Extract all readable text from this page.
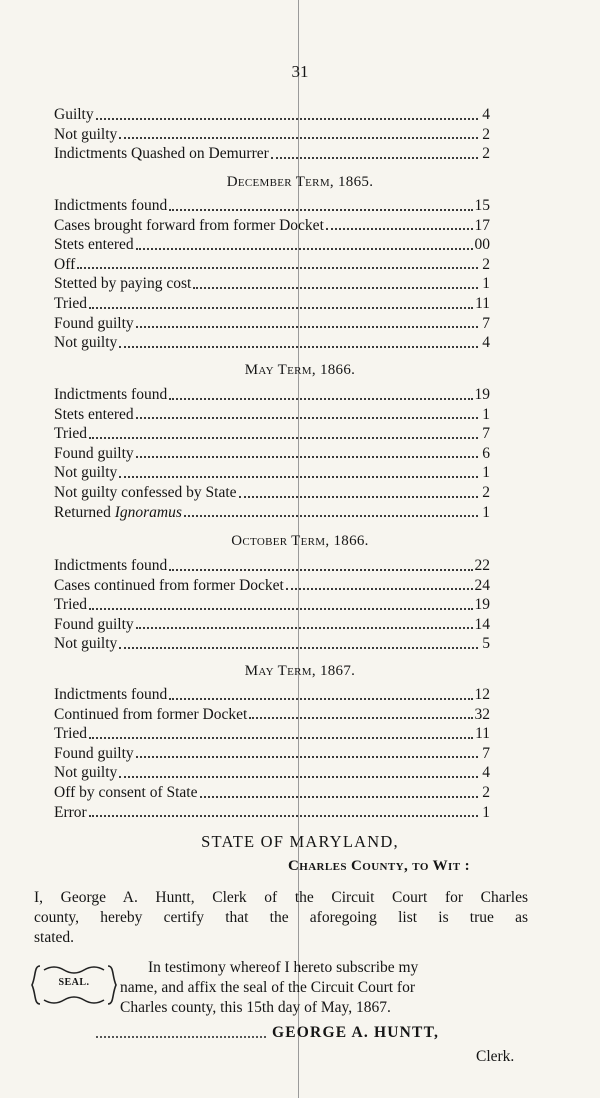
31
Guilty	4
Not guilty	2
Indictments Quashed on Demurrer	2
December Term, 1865.
Indictments found	15
Cases brought forward from former Docket	17
Stets entered	00
Off	2
Stetted by paying cost	1
Tried	11
Found guilty	7
Not guilty	4
May Term, 1866.
Indictments found	19
Stets entered	1
Tried	7
Found guilty	6
Not guilty	1
Not guilty confessed by State	2
Returned Ignoramus	1
October Term, 1866.
Indictments found	22
Cases continued from former Docket	24
Tried	19
Found guilty	14
Not guilty	5
May Term, 1867.
Indictments found	12
Continued from former Docket	32
Tried	11
Found guilty	7
Not guilty	4
Off by consent of State	2
Error	1
STATE OF MARYLAND,
Charles County, to Wit :
I, George A. Huntt, Clerk of the Circuit Court for Charles
county, hereby certify that the aforegoing list is true as
stated.
SEAL.
In testimony whereof I hereto subscribe my
name, and affix the seal of the Circuit Court for
Charles county, this 15th day of May, 1867.
GEORGE A. HUNTT,
Clerk.
